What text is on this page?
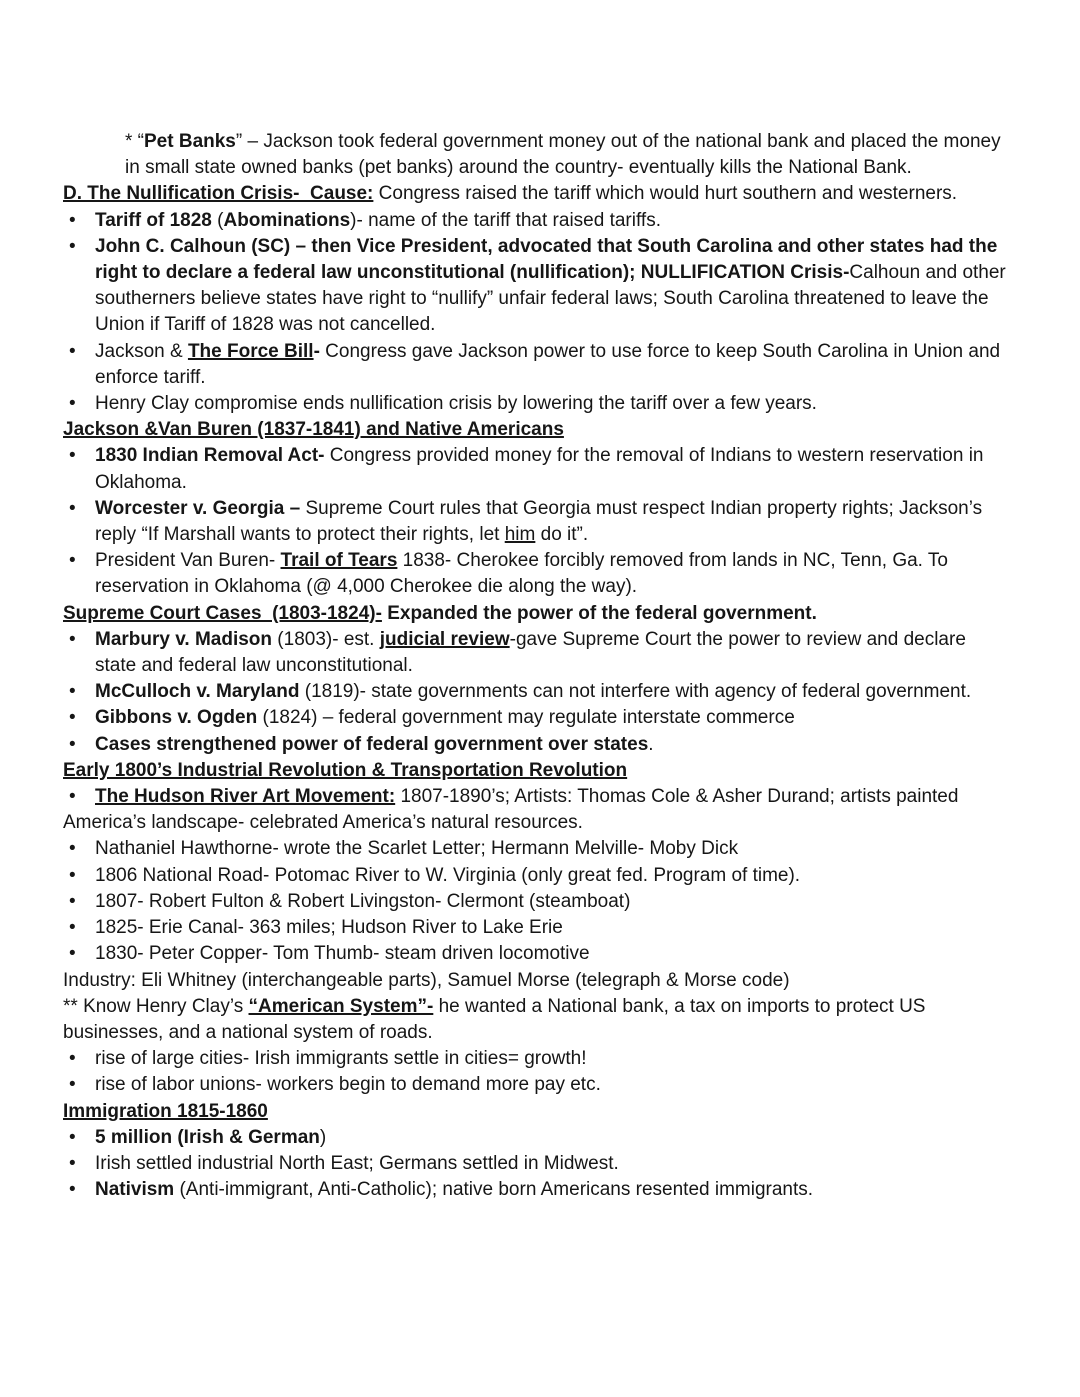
* “Pet Banks” – Jackson took federal government money out of the national bank and placed the money in small state owned banks (pet banks) around the country- eventually kills the National Bank.
D. The Nullification Crisis-  Cause: Congress raised the tariff which would hurt southern and westerners.
• Tariff of 1828 (Abominations)- name of the tariff that raised tariffs.
• John C. Calhoun (SC) – then Vice President, advocated that South Carolina and other states had the right to declare a federal law unconstitutional (nullification); NULLIFICATION Crisis-Calhoun and other southerners believe states have right to “nullify” unfair federal laws; South Carolina threatened to leave the Union if Tariff of 1828 was not cancelled.
• Jackson & The Force Bill- Congress gave Jackson power to use force to keep South Carolina in Union and enforce tariff.
• Henry Clay compromise ends nullification crisis by lowering the tariff over a few years.
Jackson &Van Buren (1837-1841) and Native Americans
• 1830 Indian Removal Act- Congress provided money for the removal of Indians to western reservation in Oklahoma.
• Worcester v. Georgia – Supreme Court rules that Georgia must respect Indian property rights; Jackson’s reply “If Marshall wants to protect their rights, let him do it”.
• President Van Buren- Trail of Tears 1838- Cherokee forcibly removed from lands in NC, Tenn, Ga. To reservation in Oklahoma (@ 4,000 Cherokee die along the way).
Supreme Court Cases  (1803-1824)- Expanded the power of the federal government.
• Marbury v. Madison (1803)- est. judicial review-gave Supreme Court the power to review and declare state and federal law unconstitutional.
• McCulloch v. Maryland (1819)- state governments can not interfere with agency of federal government.
• Gibbons v. Ogden (1824) – federal government may regulate interstate commerce
• Cases strengthened power of federal government over states.
Early 1800’s Industrial Revolution & Transportation Revolution
• The Hudson River Art Movement: 1807-1890’s; Artists: Thomas Cole & Asher Durand; artists painted America’s landscape- celebrated America’s natural resources.
• Nathaniel Hawthorne- wrote the Scarlet Letter; Hermann Melville- Moby Dick
• 1806 National Road- Potomac River to W. Virginia (only great fed. Program of time).
• 1807- Robert Fulton & Robert Livingston- Clermont (steamboat)
• 1825- Erie Canal- 363 miles; Hudson River to Lake Erie
• 1830- Peter Copper- Tom Thumb- steam driven locomotive
Industry: Eli Whitney (interchangeable parts), Samuel Morse (telegraph & Morse code)
** Know Henry Clay’s “American System”- he wanted a National bank, a tax on imports to protect US businesses, and a national system of roads.
• rise of large cities- Irish immigrants settle in cities= growth!
• rise of labor unions- workers begin to demand more pay etc.
Immigration 1815-1860
• 5 million (Irish & German)
• Irish settled industrial North East; Germans settled in Midwest.
• Nativism (Anti-immigrant, Anti-Catholic); native born Americans resented immigrants.
